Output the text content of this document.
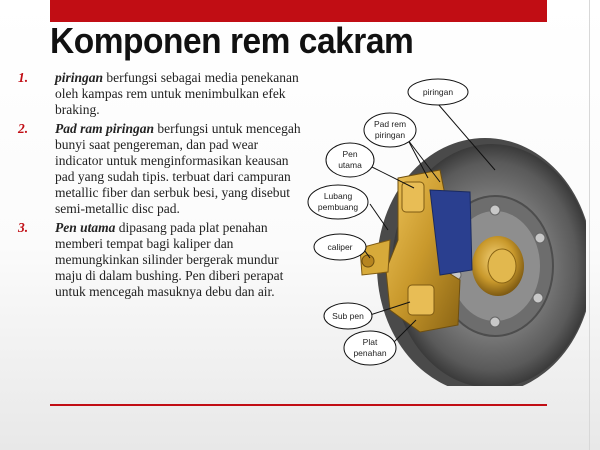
Komponen rem cakram
1.	piringan berfungsi sebagai media penekanan oleh kampas rem untuk menimbulkan efek braking.
2.	Pad ram piringan berfungsi untuk mencegah bunyi saat pengereman, dan pad wear indicator untuk menginformasikan keausan pad yang sudah tipis. terbuat dari campuran metallic fiber dan serbuk besi, yang disebut semi-metallic disc pad.
3.	Pen utama dipasang pada plat penahan memberi tempat bagi kaliper dan memungkinkan silinder bergerak mundur maju di dalam bushing. Pen diberi perapat untuk mencegah masuknya debu dan air.
piringan
Pad rem
piringan
Pen
utama
Lubang
pembuang
caliper
Sub pen
Plat
penahan
